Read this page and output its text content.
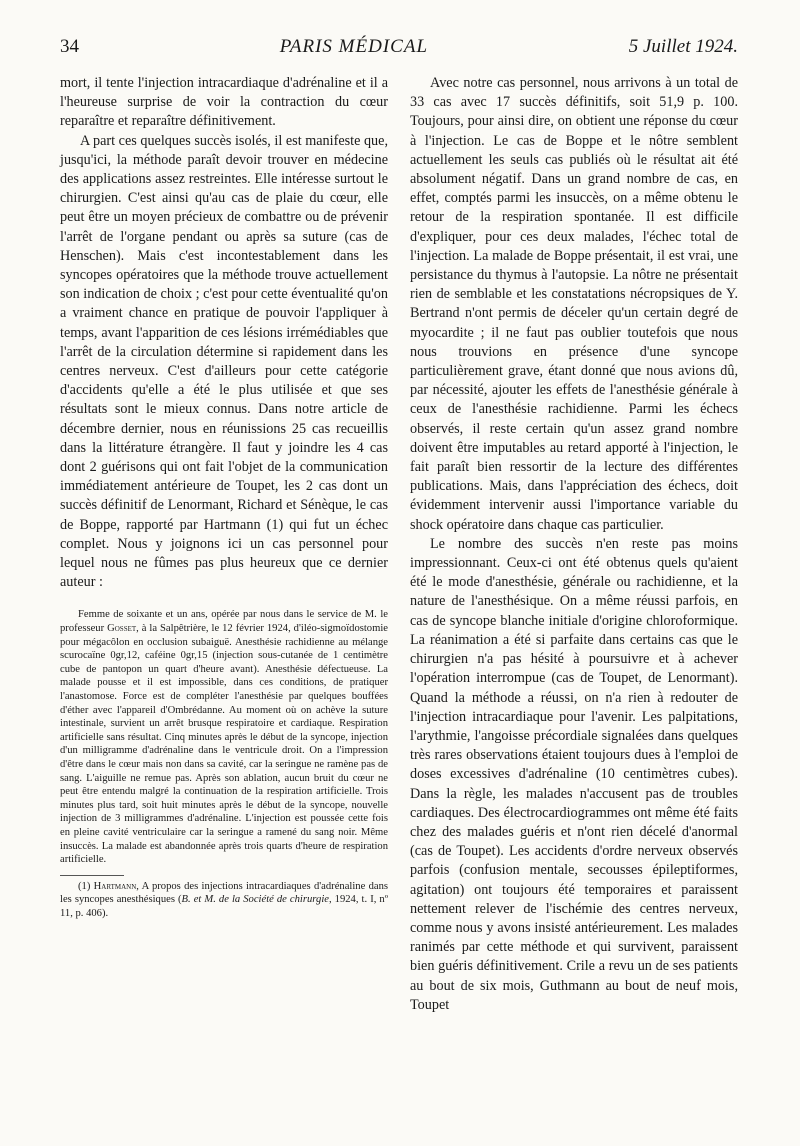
34	PARIS MÉDICAL	5 Juillet 1924.

mort, il tente l'injection intracardiaque d'adrénaline et il a l'heureuse surprise de voir la contraction du cœur reparaître et reparaître définitivement.

A part ces quelques succès isolés, il est manifeste que, jusqu'ici, la méthode paraît devoir trouver en médecine des applications assez restreintes. Elle intéresse surtout le chirurgien. C'est ainsi qu'au cas de plaie du cœur, elle peut être un moyen précieux de combattre ou de prévenir l'arrêt de l'organe pendant ou après sa suture (cas de Henschen). Mais c'est incontestablement dans les syncopes opératoires que la méthode trouve actuellement son indication de choix ; c'est pour cette éventualité qu'on a vraiment chance en pratique de pouvoir l'appliquer à temps, avant l'apparition de ces lésions irrémédiables que l'arrêt de la circulation détermine si rapidement dans les centres nerveux. C'est d'ailleurs pour cette catégorie d'accidents qu'elle a été le plus utilisée et que ses résultats sont le mieux connus. Dans notre article de décembre dernier, nous en réunissions 25 cas recueillis dans la littérature étrangère. Il faut y joindre les 4 cas dont 2 guérisons qui ont fait l'objet de la communication immédiatement antérieure de Toupet, les 2 cas dont un succès définitif de Lenormant, Richard et Sénèque, le cas de Boppe, rapporté par Hartmann (1) qui fut un échec complet. Nous y joignons ici un cas personnel pour lequel nous ne fûmes pas plus heureux que ce dernier auteur :

Femme de soixante et un ans, opérée par nous dans le service de M. le professeur Gosset, à la Salpêtrière, le 12 février 1924, d'iléo-sigmoïdostomie pour mégacôlon en occlusion subaiguë. Anesthésie rachidienne au mélange scurocaïne 0gr,12, caféine 0gr,15 (injection sous-cutanée de 1 centimètre cube de pantopon un quart d'heure avant). Anesthésie défectueuse. La malade pousse et il est impossible, dans ces conditions, de pratiquer l'anastomose. Force est de compléter l'anesthésie par quelques bouffées d'éther avec l'appareil d'Ombrédanne. Au moment où on achève la suture intestinale, survient un arrêt brusque respiratoire et cardiaque. Respiration artificielle sans résultat. Cinq minutes après le début de la syncope, injection d'un milligramme d'adrénaline dans le ventricule droit. On a l'impression d'être dans le cœur mais non dans sa cavité, car la seringue ne ramène pas de sang. L'aiguille ne remue pas. Après son ablation, aucun bruit du cœur ne peut être entendu malgré la continuation de la respiration artificielle. Trois minutes plus tard, soit huit minutes après le début de la syncope, nouvelle injection de 3 milligrammes d'adrénaline. L'injection est poussée cette fois en pleine cavité ventriculaire car la seringue a ramené du sang noir. Même insuccès. La malade est abandonnée après trois quarts d'heure de respiration artificielle.

(1) Hartmann, A propos des injections intracardiaques d'adrénaline dans les syncopes anesthésiques (B. et M. de la Société de chirurgie, 1924, t. I, nº 11, p. 406).

Avec notre cas personnel, nous arrivons à un total de 33 cas avec 17 succès définitifs, soit 51,9 p. 100. Toujours, pour ainsi dire, on obtient une réponse du cœur à l'injection. Le cas de Boppe et le nôtre semblent actuellement les seuls cas publiés où le résultat ait été absolument négatif. Dans un grand nombre de cas, en effet, comptés parmi les insuccès, on a même obtenu le retour de la respiration spontanée. Il est difficile d'expliquer, pour ces deux malades, l'échec total de l'injection. La malade de Boppe présentait, il est vrai, une persistance du thymus à l'autopsie. La nôtre ne présentait rien de semblable et les constatations nécropsiques de Y. Bertrand n'ont permis de déceler qu'un certain degré de myocardite ; il ne faut pas oublier toutefois que nous nous trouvions en présence d'une syncope particulièrement grave, étant donné que nous avions dû, par nécessité, ajouter les effets de l'anesthésie générale à ceux de l'anesthésie rachidienne. Parmi les échecs observés, il reste certain qu'un assez grand nombre doivent être imputables au retard apporté à l'injection, le fait paraît bien ressortir de la lecture des différentes publications. Mais, dans l'appréciation des échecs, doit évidemment intervenir aussi l'importance variable du shock opératoire dans chaque cas particulier.

Le nombre des succès n'en reste pas moins impressionnant. Ceux-ci ont été obtenus quels qu'aient été le mode d'anesthésie, générale ou rachidienne, et la nature de l'anesthésique. On a même réussi parfois, en cas de syncope blanche initiale d'origine chloroformique. La réanimation a été si parfaite dans certains cas que le chirurgien n'a pas hésité à poursuivre et à achever l'opération interrompue (cas de Toupet, de Lenormant). Quand la méthode a réussi, on n'a rien à redouter de l'injection intracardiaque pour l'avenir. Les palpitations, l'arythmie, l'angoisse précordiale signalées dans quelques très rares observations étaient toujours dues à l'emploi de doses excessives d'adrénaline (10 centimètres cubes). Dans la règle, les malades n'accusent pas de troubles cardiaques. Des électrocardiogrammes ont même été faits chez des malades guéris et n'ont rien décelé d'anormal (cas de Toupet). Les accidents d'ordre nerveux observés parfois (confusion mentale, secousses épileptiformes, agitation) ont toujours été temporaires et paraissent nettement relever de l'ischémie des centres nerveux, comme nous y avons insisté antérieurement. Les malades ranimés par cette méthode et qui survivent, paraissent bien guéris définitivement. Crile a revu un de ses patients au bout de six mois, Guthmann au bout de neuf mois, Toupet
